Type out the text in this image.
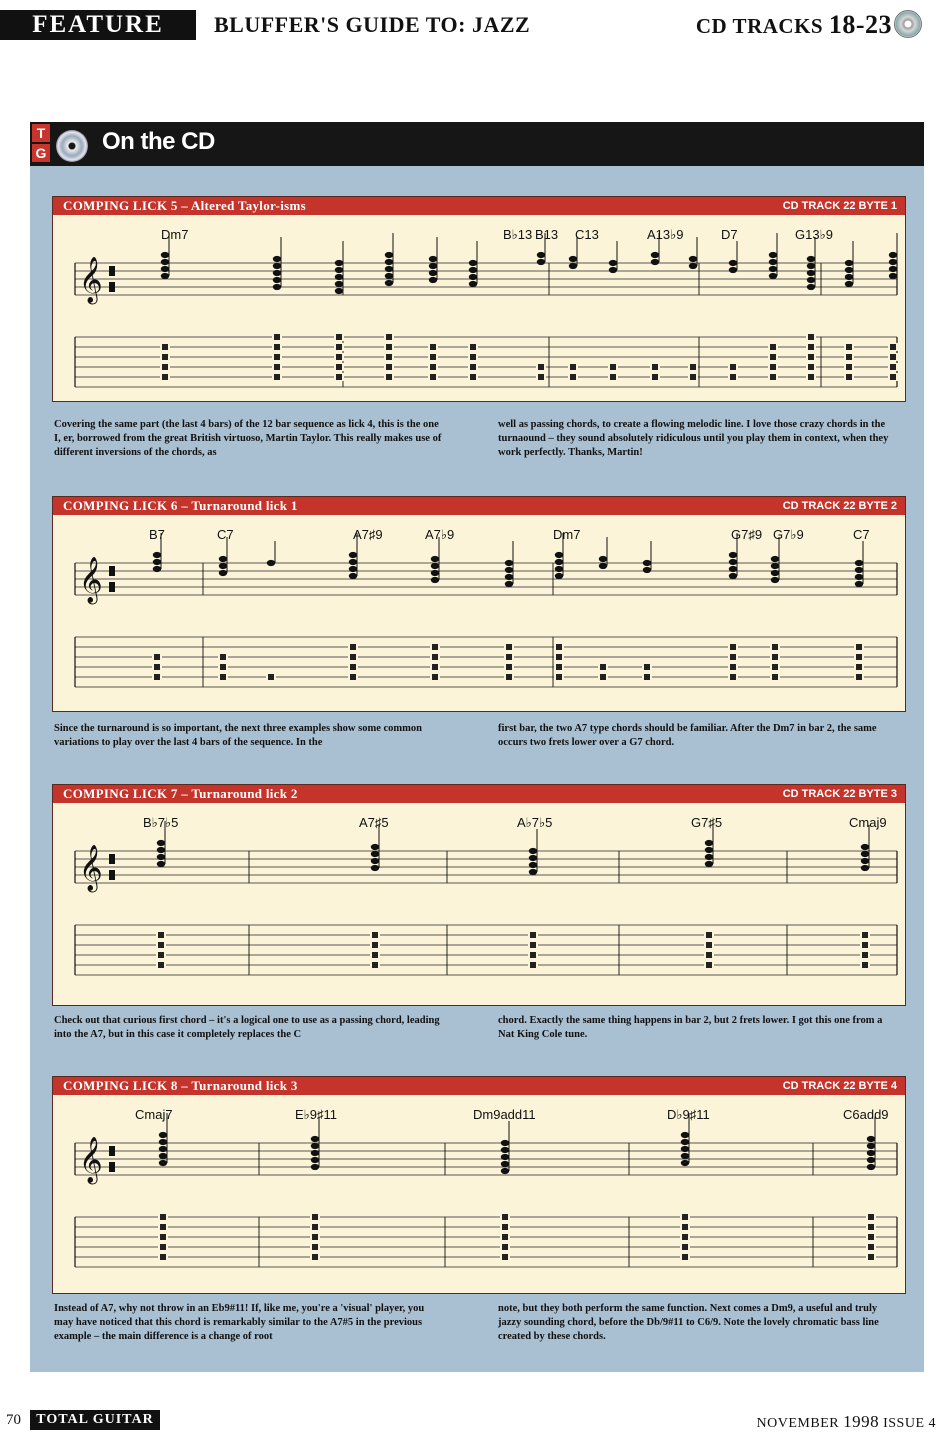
FEATURE	BLUFFER'S GUIDE TO: JAZZ	CD TRACKS 18-23
T
G On the CD
COMPING LICK 5 – Altered Taylor-isms	CD TRACK 22 BYTE 1
Dm7	B♭13 B13 C13	A13♭9	D7	G13♭9
𝄞
Covering the same part (the last 4 bars) of the 12 bar sequence as lick 4, this is the one I, er, borrowed from the great British virtuoso, Martin Taylor. This really makes use of different inversions of the chords, as
well as passing chords, to create a flowing melodic line. I love those crazy chords in the turnaound – they sound absolutely ridiculous until you play them in context, when they work perfectly. Thanks, Martin!
COMPING LICK 6 – Turnaround lick 1	CD TRACK 22 BYTE 2
B7	C7	A7♯9	A7♭9	Dm7	G7♯9 G7♭9	C7
𝄞
Since the turnaround is so important, the next three examples show some common variations to play over the last 4 bars of the sequence. In the
first bar, the two A7 type chords should be familiar. After the Dm7 in bar 2, the same occurs two frets lower over a G7 chord.
COMPING LICK 7 – Turnaround lick 2	CD TRACK 22 BYTE 3
B♭7♭5	A7♯5	A♭7♭5	G7♯5	Cmaj9
𝄞
Check out that curious first chord – it's a logical one to use as a passing chord, leading into the A7, but in this case it completely replaces the C
chord. Exactly the same thing happens in bar 2, but 2 frets lower. I got this one from a Nat King Cole tune.
COMPING LICK 8 – Turnaround lick 3	CD TRACK 22 BYTE 4
Cmaj7	E♭9♯11	Dm9add11	D♭9♯11	C6add9
𝄞
Instead of A7, why not throw in an Eb9#11! If, like me, you're a 'visual' player, you may have noticed that this chord is remarkably similar to the A7#5 in the previous example – the main difference is a change of root
note, but they both perform the same function. Next comes a Dm9, a useful and truly jazzy sounding chord, before the Db/9#11 to C6/9. Note the lovely chromatic bass line created by these chords.
70	TOTAL GUITAR	NOVEMBER 1998 ISSUE 4
